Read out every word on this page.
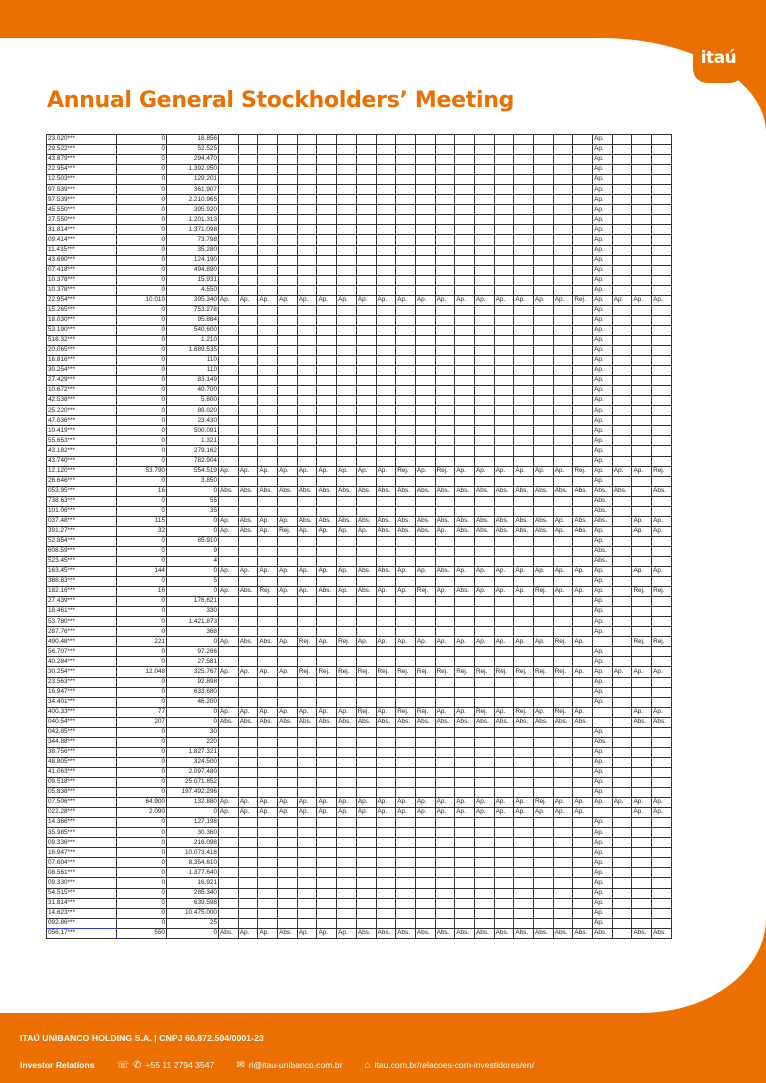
itaú
Annual General Stockholders’ Meeting
23.020***	0	16.856																				Ap.			
29.522***	0	52.525																				Ap.			
43.879***	0	294.470																				Ap.			
22.954***	0	1.392.950																				Ap.			
12.503***	0	129.201																				Ap.			
97.539***	0	361.907																				Ap.			
97.539***	0	2.210.965																				Ap.			
45.550***	0	395.920																				Ap.			
27.550***	0	1.201.313																				Ap.			
31.814***	0	1.371.098																				Ap.			
09.414***	0	73.798																				Ap.			
11.435***	0	35.280																				Ap.			
43.690***	0	124.190																				Ap.			
07.418***	0	494.890																				Ap.			
10.378***	0	15.931																				Ap.			
10.378***	0	4.550																				Ap.			
22.954***	10.010	395.340	Ap.	Ap.	Ap.	Ap.	Ap.	Ap.	Ap.	Ap.	Ap.	Ap.	Ap.	Ap.	Ap.	Ap.	Ap.	Ap.	Ap.	Ap.	Rej.	Ap.	Ap.	Ap.	Ap.
15.265***	0	753.278																				Ap.			
18.030***	0	95.884																				Ap.			
53.190***	0	540.600																				Ap.			
518.32***	0	1.210																				Ap.			
20.065***	0	1.689.535																				Ap.			
16.816***	0	110																				Ap.			
30.254***	0	110																				Ap.			
27.429***	0	83.149																				Ap.			
10.672***	0	40.700																				Ap.			
42.538***	0	5.800																				Ap.			
25.220***	0	88.020																				Ap.			
47.036***	0	23.430																				Ap.			
10.419***	0	500.091																				Ap.			
55.653***	0	1.321																				Ap.			
43.182***	0	279.162																				Ap.			
43.740***	0	782.904																				Ap.			
12.120***	53.790	554.519	Ap.	Ap.	Ap.	Ap.	Ap.	Ap.	Ap.	Ap.	Ap.	Rej.	Ap.	Rej.	Ap.	Ap.	Ap.	Ap.	Ap.	Ap.	Rej.	Ap.	Ap.	Ap.	Rej.
26.646***	0	3.850																				Ap.			
053.95***	16	0	Abs.	Abs.	Abs.	Abs.	Abs.	Abs.	Abs.	Abs.	Abs.	Abs.	Abs.	Abs.	Abs.	Abs.	Abs.	Abs.	Abs.	Abs.	Abs.	Abs.	Abs.		Abs.
738.63***	0	55																				Abs.			
101.06***	0	35																				Abs.			
037.48***	115	0	Ap.	Abs.	Ap.	Ap.	Abs.	Abs.	Abs.	Abs.	Abs.	Abs.	Abs.	Abs.	Abs.	Abs.	Abs.	Abs.	Abs.	Ap.	Abs.	Abs.		Ap.	Ap.
391.27***	32	0	Ap.	Abs.	Ap.	Rej.	Ap.	Ap.	Ap.	Ap.	Abs.	Abs.	Abs.	Ap.	Abs.	Abs.	Abs.	Abs.	Abs.	Ap.	Abs.	Ap.		Ap.	Ap.
52.854***	0	85.910																				Ap.			
608.59***	0	9																				Abs.			
523.45***	0	4																				Abs.			
163.45***	144	0	Ap.	Ap.	Ap.	Ap.	Ap.	Ap.	Ap.	Abs.	Abs.	Ap.	Ap.	Abs.	Ap.	Ap.	Ap.	Ap.	Ap.	Ap.	Ap.	Ap.		Ap.	Ap.
388.83***	0	5																				Ap.			
182.16***	16	0	Ap.	Abs.	Rej.	Ap.	Ap.	Abs.	Ap.	Abs.	Ap.	Ap.	Rej.	Ap.	Abs.	Ap.	Ap.	Ap.	Rej.	Ap.	Ap.	Ap.		Rej.	Rej.
27.439***	0	176.621																				Ap.			
18.461***	0	330																				Ap.			
53.780***	0	1.421.873																				Ap.			
287.76***	0	368																				Ap.			
490.48***	221	0	Ap.	Abs.	Abs.	Ap.	Rej.	Ap.	Rej.	Ap.	Ap.	Ap.	Ap.	Ap.	Ap.	Ap.	Ap.	Ap.	Ap.	Rej.	Ap.			Rej.	Rej.
56.707***	0	97.266																				Ap.			
40.284***	0	27.581																				Ap.			
30.254***	12.048	325.767	Ap.	Ap.	Ap.	Ap.	Rej.	Rej.	Rej.	Rej.	Rej.	Rej.	Rej.	Rej.	Rej.	Rej.	Rej.	Rej.	Rej.	Rej.	Ap.	Ap.	Ap.	Ap.	Ap.
23.563***	0	92.898																				Ap.			
16.947***	0	633.680																				Ap.			
34.401***	0	46.200																				Ap.			
400.33***	77	0	Ap.	Ap.	Ap.	Ap.	Ap.	Ap.	Ap.	Rej.	Ap.	Rej.	Rej.	Ap.	Ap.	Rej.	Ap.	Rej.	Ap.	Rej.	Ap.			Ap.	Ap.
040.54***	207	0	Abs.	Abs.	Abs.	Abs.	Abs.	Abs.	Abs.	Abs.	Abs.	Abs.	Abs.	Abs.	Abs.	Abs.	Abs.	Abs.	Abs.	Abs.	Abs.			Abs.	Abs.
042.85***	0	30																				Ap.			
344.88***	0	220																				Abs.			
38.756***	0	1.827.321																				Ap.			
48.805***	0	324.500																				Ap.			
41.063***	0	2.097.480																				Ap.			
09.518***	0	25.071.852																				Ap.			
05.838***	0	197.492.296																				Ap.			
07.506***	64.900	132.880	Ap.	Ap.	Ap.	Ap.	Ap.	Ap.	Ap.	Ap.	Ap.	Ap.	Ap.	Ap.	Ap.	Ap.	Ap.	Ap.	Rej.	Ap.	Ap.	Ap.	Ap.	Ap.	Ap.
022.28***	2.090	0	Ap.	Ap.	Ap.	Ap.	Ap.	Ap.	Ap.	Ap.	Ap.	Ap.	Ap.	Ap.	Ap.	Ap.	Ap.	Ap.	Ap.	Ap.	Ap.			Ap.	Ap.
14.366***	0	127.198																				Ap.			
35.985***	0	30.360																				Ap.			
09.336***	0	216.098																				Ap.			
16.947***	0	10.073.418																				Ap.			
07.604***	0	8.354.610																				Ap.			
08.561***	0	1.377.640																				Ap.			
09.330***	0	16.921																				Ap.			
54.515***	0	285.340																				Ap.			
31.814***	0	639.598																				Ap.			
14.623***	0	10.475.000																				Ap.			
092.86***	0	25																				Ap.			
056.17***	550	0	Abs.	Ap.	Ap.	Abs.	Ap.	Ap.	Ap.	Abs.	Abs.	Abs.	Abs.	Abs.	Abs.	Abs.	Abs.	Abs.	Abs.	Abs.	Abs.	Abs.		Abs.	Abs.
ITAÚ UNIBANCO HOLDING S.A. | CNPJ 60.872.504/0001-23
Investor Relations ☏ ✆ +55 11 2794 3547 ✉ ri@itau-unibanco.com.br ⌂ itau.com.br/relacoes-com-investidores/en/
